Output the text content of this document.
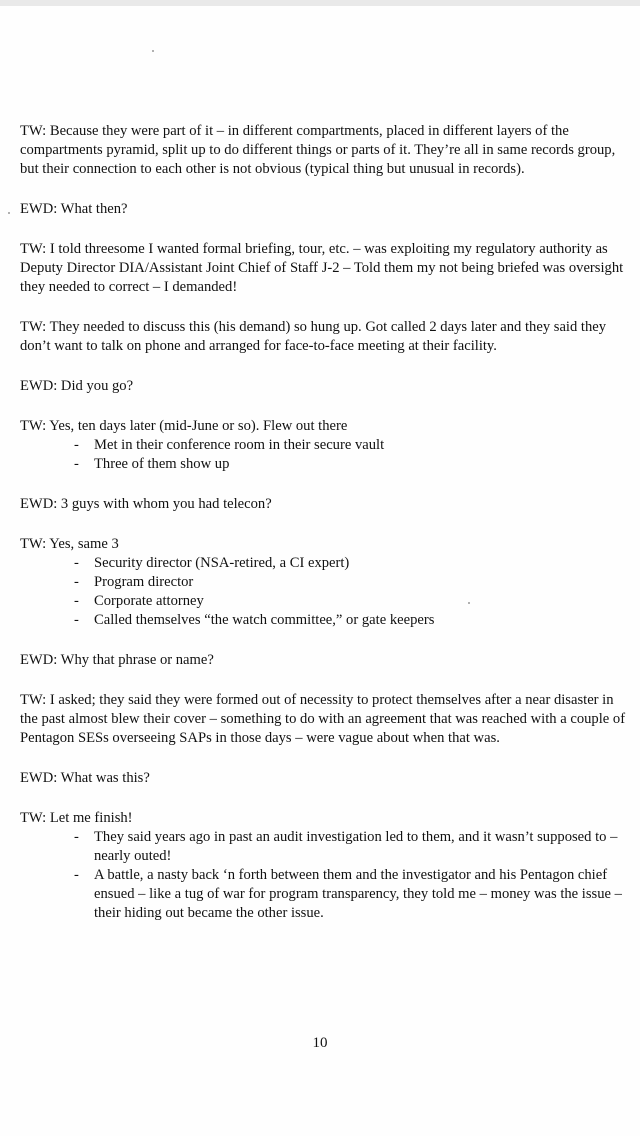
TW: Because they were part of it – in different compartments, placed in different layers of the compartments pyramid, split up to do different things or parts of it. They’re all in same records group, but their connection to each other is not obvious (typical thing but unusual in records).

EWD: What then?

TW: I told threesome I wanted formal briefing, tour, etc. – was exploiting my regulatory authority as Deputy Director DIA/Assistant Joint Chief of Staff J-2 – Told them my not being briefed was oversight they needed to correct – I demanded!

TW: They needed to discuss this (his demand) so hung up. Got called 2 days later and they said they don’t want to talk on phone and arranged for face-to-face meeting at their facility.

EWD: Did you go?

TW: Yes, ten days later (mid-June or so). Flew out there

- Met in their conference room in their secure vault
- Three of them show up

EWD: 3 guys with whom you had telecon?

TW: Yes, same 3

- Security director (NSA-retired, a CI expert)
- Program director
- Corporate attorney
- Called themselves “the watch committee,” or gate keepers

EWD: Why that phrase or name?

TW: I asked; they said they were formed out of necessity to protect themselves after a near disaster in the past almost blew their cover – something to do with an agreement that was reached with a couple of Pentagon SESs overseeing SAPs in those days – were vague about when that was.

EWD: What was this?

TW: Let me finish!

- They said years ago in past an audit investigation led to them, and it wasn’t supposed to – nearly outed!
- A battle, a nasty back ‘n forth between them and the investigator and his Pentagon chief ensued – like a tug of war for program transparency, they told me – money was the issue – their hiding out became the other issue.
10
